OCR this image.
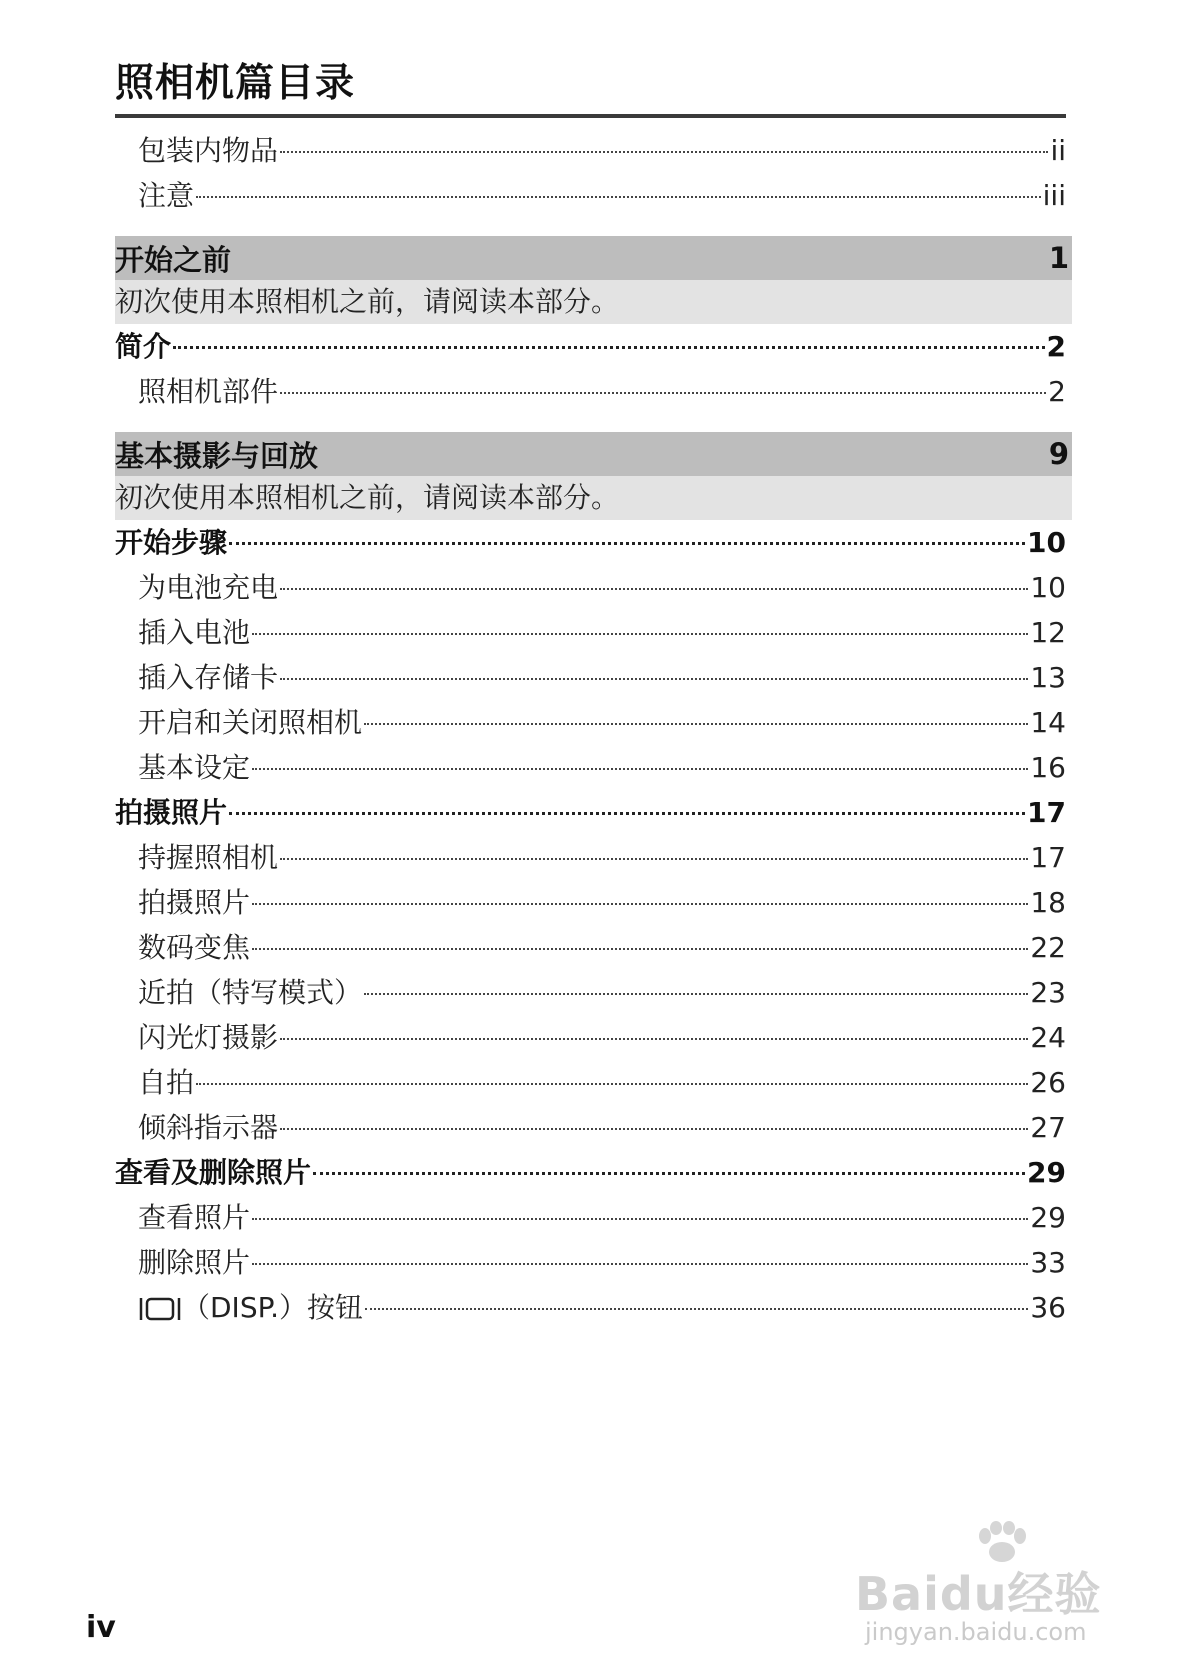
照相机篇目录
包装内物品	ii
注意	iii
开始之前	1
初次使用本照相机之前，请阅读本部分。
简介	2
照相机部件	2
基本摄影与回放	9
初次使用本照相机之前，请阅读本部分。
开始步骤	10
为电池充电	10
插入电池	12
插入存储卡	13
开启和关闭照相机	14
基本设定	16
拍摄照片	17
持握照相机	17
拍摄照片	18
数码变焦	22
近拍（特写模式）	23
闪光灯摄影	24
自拍	26
倾斜指示器	27
查看及删除照片	29
查看照片	29
删除照片	33
（DISP.）按钮	36
iv
Baidu经验
jingyan.baidu.com
